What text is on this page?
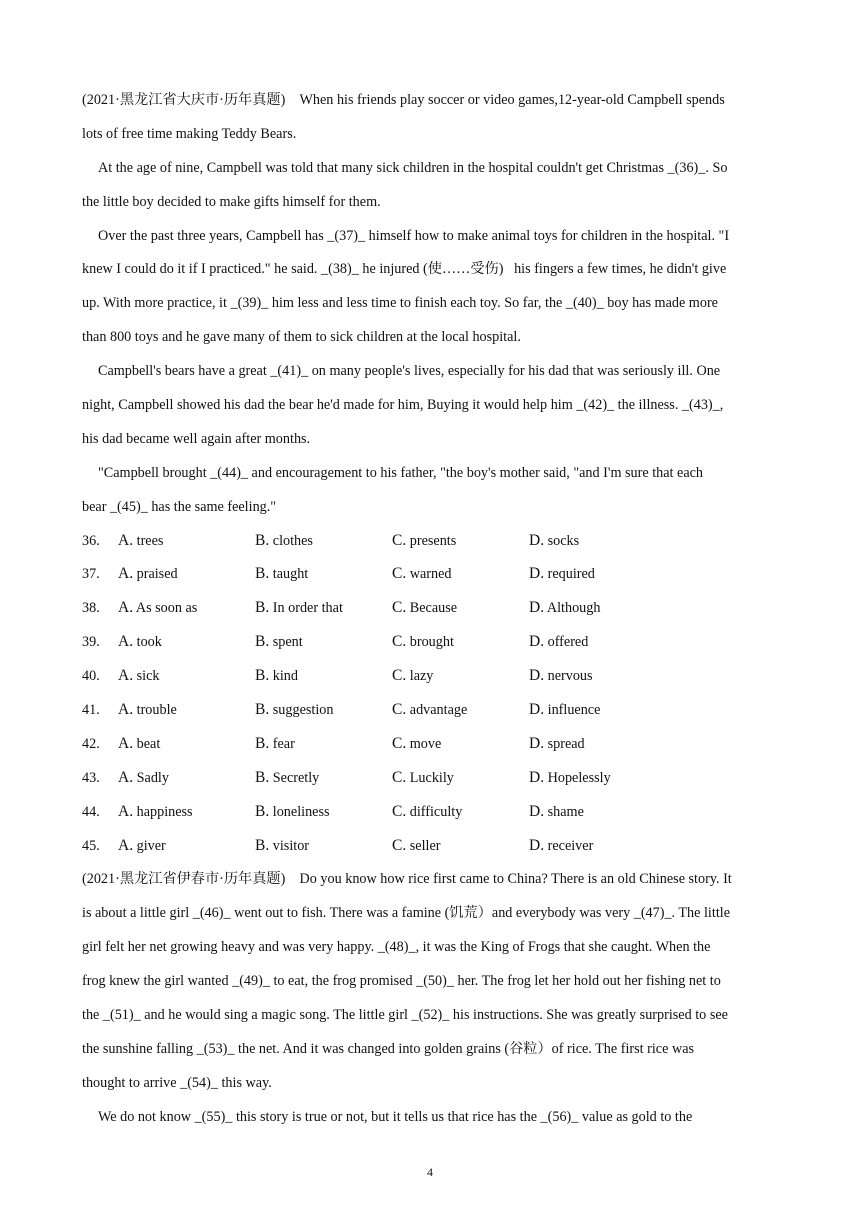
(2021·黑龙江省大庆市·历年真题)    When his friends play soccer or video games,12-year-old Campbell spends
lots of free time making Teddy Bears.
At the age of nine, Campbell was told that many sick children in the hospital couldn't get Christmas _(36)_. So
the little boy decided to make gifts himself for them.
Over the past three years, Campbell has _(37)_ himself how to make animal toys for children in the hospital. "I
knew I could do it if I practiced." he said. _(38)_ he injured (使……受伤)   his fingers a few times, he didn't give
up. With more practice, it _(39)_ him less and less time to finish each toy. So far, the _(40)_ boy has made more
than 800 toys and he gave many of them to sick children at the local hospital.
Campbell's bears have a great _(41)_ on many people's lives, especially for his dad that was seriously ill. One
night, Campbell showed his dad the bear he'd made for him, Buying it would help him _(42)_ the illness. _(43)_,
his dad became well again after months.
"Campbell brought _(44)_ and encouragement to his father, "the boy's mother said, "and I'm sure that each
bear _(45)_ has the same feeling."
36.	A. trees	B. clothes	C. presents	D. socks
37.	A. praised	B. taught	C. warned	D. required
38.	A. As soon as	B. In order that	C. Because	D. Although
39.	A. took	B. spent	C. brought	D. offered
40.	A. sick	B. kind	C. lazy	D. nervous
41.	A. trouble	B. suggestion	C. advantage	D. influence
42.	A. beat	B. fear	C. move	D. spread
43.	A. Sadly	B. Secretly	C. Luckily	D. Hopelessly
44.	A. happiness	B. loneliness	C. difficulty	D. shame
45.	A. giver	B. visitor	C. seller	D. receiver
(2021·黑龙江省伊春市·历年真题)    Do you know how rice first came to China? There is an old Chinese story. It
is about a little girl _(46)_ went out to fish. There was a famine (饥荒）and everybody was very _(47)_. The little
girl felt her net growing heavy and was very happy. _(48)_, it was the King of Frogs that she caught. When the
frog knew the girl wanted _(49)_ to eat, the frog promised _(50)_ her. The frog let her hold out her fishing net to
the _(51)_ and he would sing a magic song. The little girl _(52)_ his instructions. She was greatly surprised to see
the sunshine falling _(53)_ the net. And it was changed into golden grains (谷粒）of rice. The first rice was
thought to arrive _(54)_ this way.
We do not know _(55)_ this story is true or not, but it tells us that rice has the _(56)_ value as gold to the
4
